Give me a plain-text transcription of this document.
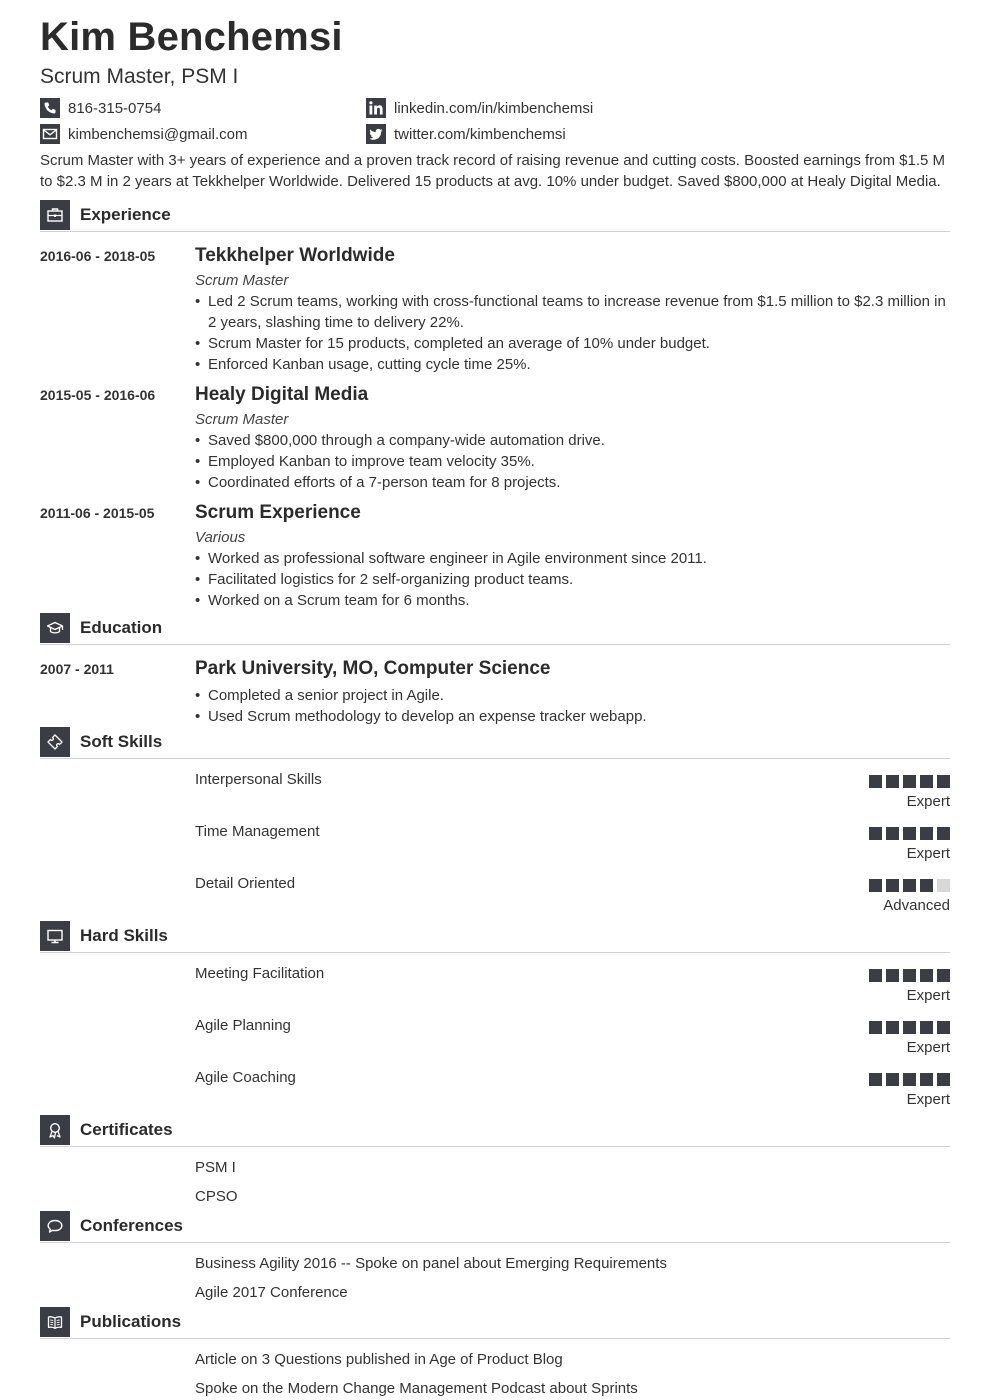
Kim Benchemsi
Scrum Master, PSM I
816-315-0754
kimbenchemsi@gmail.com
linkedin.com/in/kimbenchemsi
twitter.com/kimbenchemsi
Scrum Master with 3+ years of experience and a proven track record of raising revenue and cutting costs. Boosted earnings from $1.5 M to $2.3 M in 2 years at Tekkhelper Worldwide. Delivered 15 products at avg. 10% under budget. Saved $800,000 at Healy Digital Media.
Experience
2016-06 - 2018-05 Tekkhelper Worldwide
Scrum Master
• Led 2 Scrum teams, working with cross-functional teams to increase revenue from $1.5 million to $2.3 million in 2 years, slashing time to delivery 22%.
• Scrum Master for 15 products, completed an average of 10% under budget.
• Enforced Kanban usage, cutting cycle time 25%.
2015-05 - 2016-06 Healy Digital Media
Scrum Master
• Saved $800,000 through a company-wide automation drive.
• Employed Kanban to improve team velocity 35%.
• Coordinated efforts of a 7-person team for 8 projects.
2011-06 - 2015-05 Scrum Experience
Various
• Worked as professional software engineer in Agile environment since 2011.
• Facilitated logistics for 2 self-organizing product teams.
• Worked on a Scrum team for 6 months.
Education
2007 - 2011	Park University, MO, Computer Science
• Completed a senior project in Agile.
• Used Scrum methodology to develop an expense tracker webapp.
Soft Skills
Interpersonal Skills
Expert
Time Management
Expert
Detail Oriented
Advanced
Hard Skills
Meeting Facilitation
Expert
Agile Planning
Expert
Agile Coaching
Expert
Certificates
PSM I
CPSO
Conferences
Business Agility 2016 -- Spoke on panel about Emerging Requirements
Agile 2017 Conference
Publications
Article on 3 Questions published in Age of Product Blog
Spoke on the Modern Change Management Podcast about Sprints
